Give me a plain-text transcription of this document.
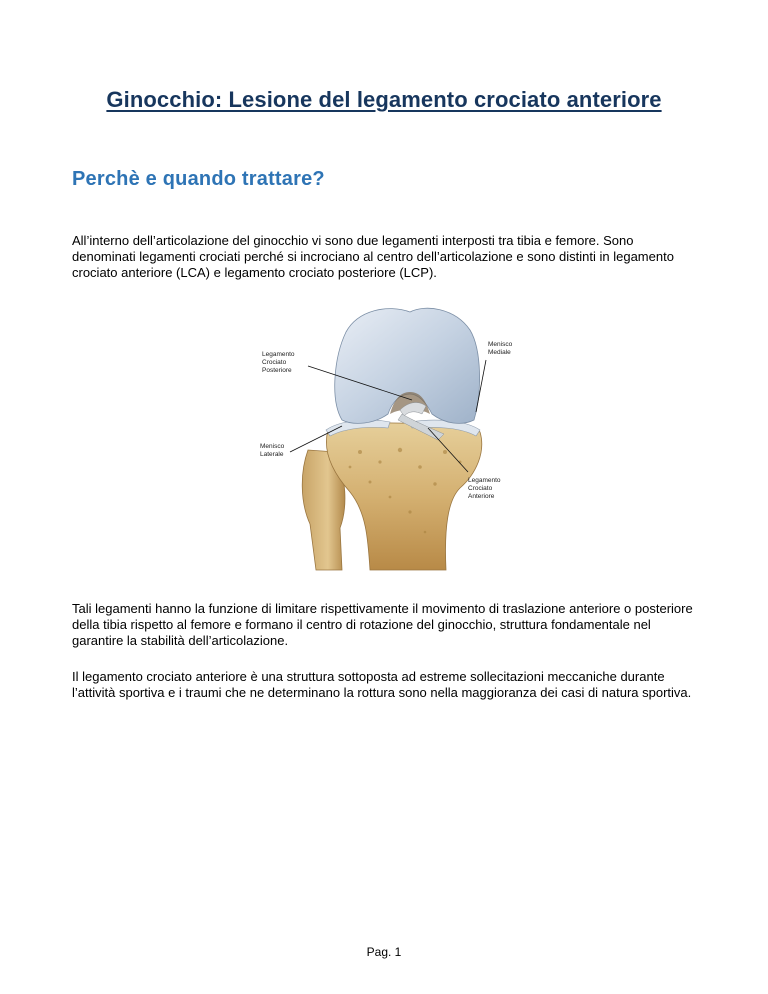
Ginocchio: Lesione del legamento crociato anteriore
Perchè e quando trattare?

All’interno dell’articolazione del ginocchio vi sono due legamenti interposti tra tibia e femore. Sono denominati legamenti crociati perché si incrociano al centro dell’articolazione e sono distinti in legamento crociato anteriore (LCA) e legamento crociato posteriore (LCP).

Legamento Crociato Posteriore
Menisco Mediale
Menisco Laterale
Legamento Crociato Anteriore

Tali legamenti hanno la funzione di limitare rispettivamente il movimento di traslazione anteriore o posteriore della tibia rispetto al femore e formano il centro di rotazione del ginocchio, struttura fondamentale nel garantire la stabilità dell’articolazione.

Il legamento crociato anteriore è una struttura sottoposta ad estreme sollecitazioni meccaniche durante l’attività sportiva e i traumi che ne determinano la rottura sono nella maggioranza dei casi di natura sportiva.

Pag. 1
